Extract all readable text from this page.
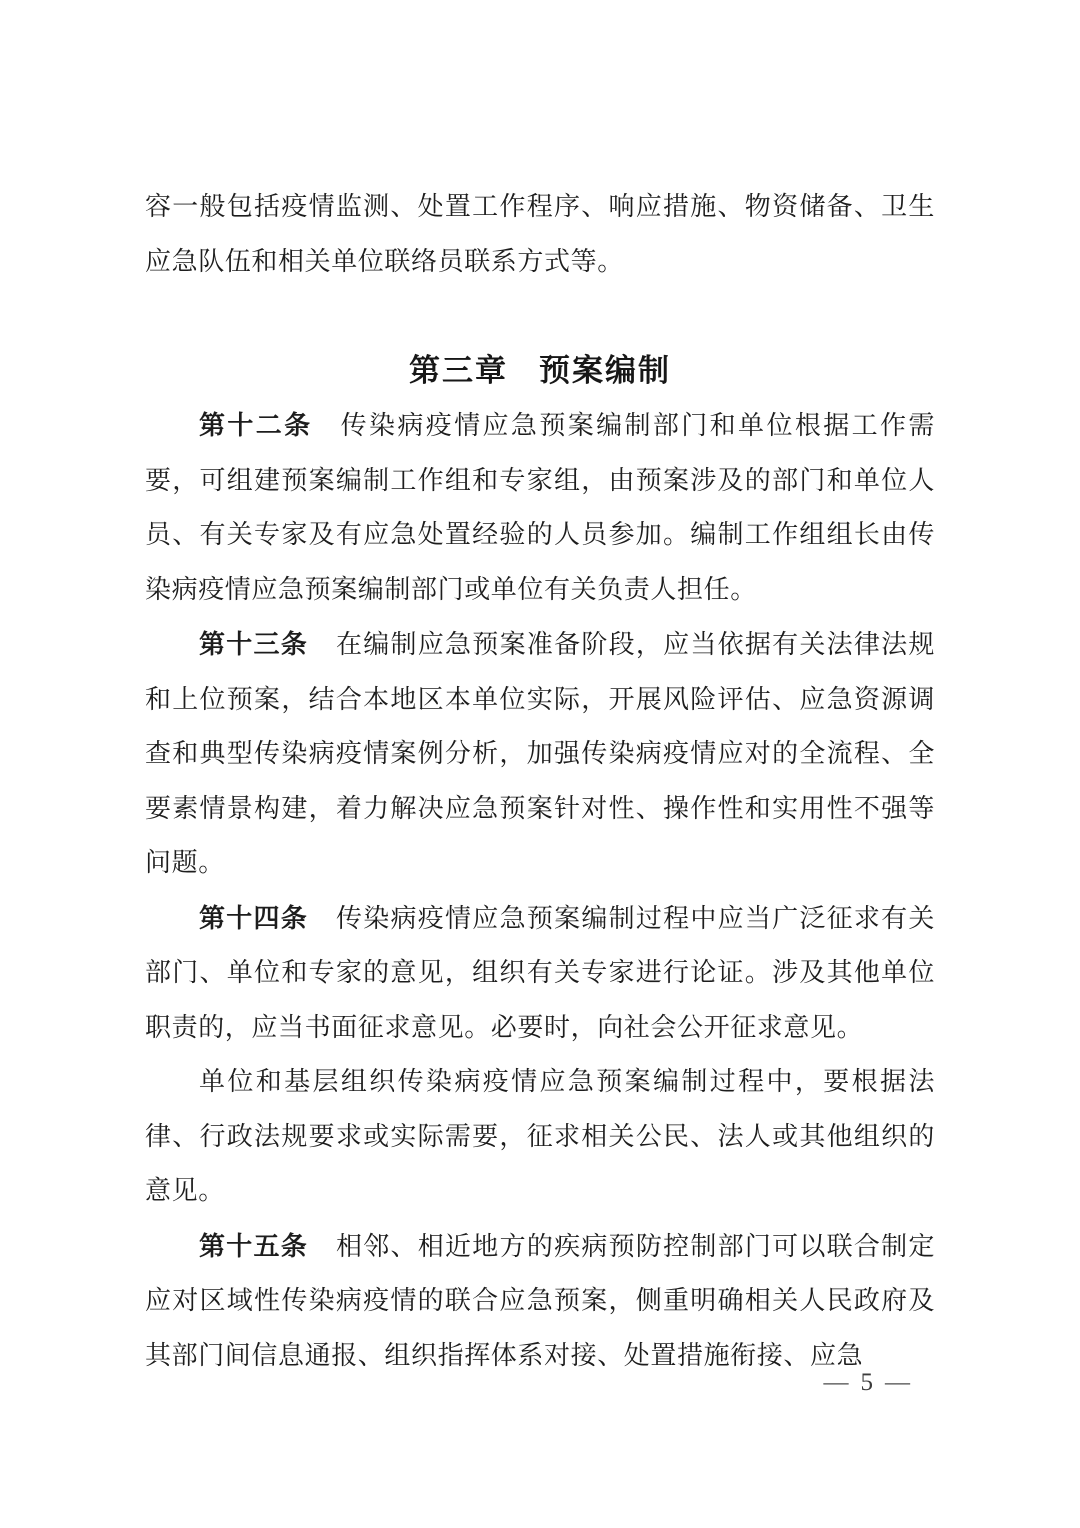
容一般包括疫情监测、处置工作程序、响应措施、物资储备、卫生应急队伍和相关单位联络员联系方式等。

第三章 预案编制

第十二条 传染病疫情应急预案编制部门和单位根据工作需要，可组建预案编制工作组和专家组，由预案涉及的部门和单位人员、有关专家及有应急处置经验的人员参加。编制工作组组长由传染病疫情应急预案编制部门或单位有关负责人担任。

第十三条 在编制应急预案准备阶段，应当依据有关法律法规和上位预案，结合本地区本单位实际，开展风险评估、应急资源调查和典型传染病疫情案例分析，加强传染病疫情应对的全流程、全要素情景构建，着力解决应急预案针对性、操作性和实用性不强等问题。

第十四条 传染病疫情应急预案编制过程中应当广泛征求有关部门、单位和专家的意见，组织有关专家进行论证。涉及其他单位职责的，应当书面征求意见。必要时，向社会公开征求意见。

单位和基层组织传染病疫情应急预案编制过程中，要根据法律、行政法规要求或实际需要，征求相关公民、法人或其他组织的意见。

第十五条 相邻、相近地方的疾病预防控制部门可以联合制定应对区域性传染病疫情的联合应急预案，侧重明确相关人民政府及其部门间信息通报、组织指挥体系对接、处置措施衔接、应急

— 5 —
